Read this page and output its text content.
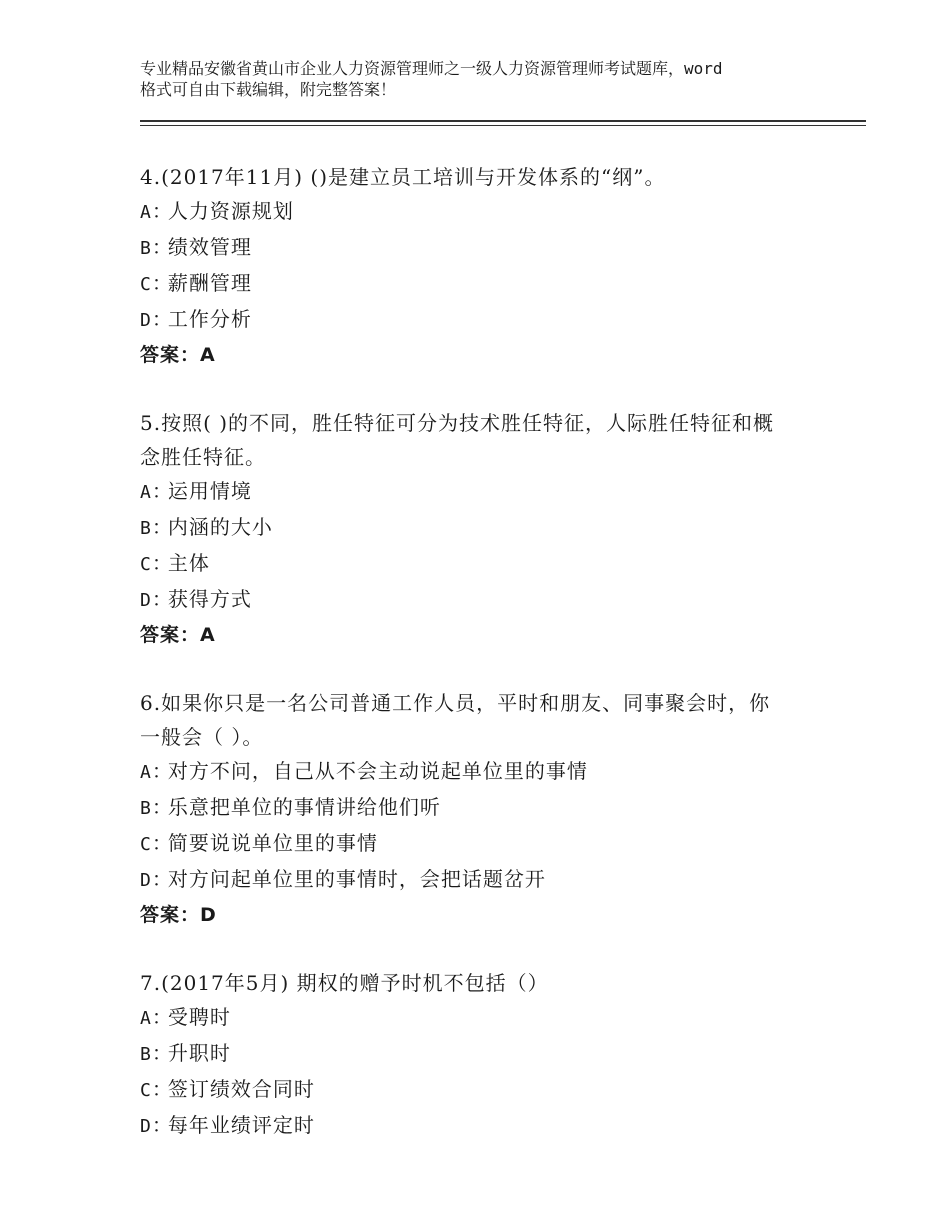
专业精品安徽省黄山市企业人力资源管理师之一级人力资源管理师考试题库，word
格式可自由下载编辑，附完整答案！
4.(2017年11月) ()是建立员工培训与开发体系的“纲”。
A：人力资源规划
B：绩效管理
C：薪酬管理
D：工作分析
答案：A
5.按照( )的不同，胜任特征可分为技术胜任特征，人际胜任特征和概
念胜任特征。
A：运用情境
B：内涵的大小
C：主体
D：获得方式
答案：A
6.如果你只是一名公司普通工作人员，平时和朋友、同事聚会时，你
一般会（ ）。
A：对方不问，自己从不会主动说起单位里的事情
B：乐意把单位的事情讲给他们听
C：简要说说单位里的事情
D：对方问起单位里的事情时，会把话题岔开
答案：D
7.(2017年5月) 期权的赠予时机不包括（）
A：受聘时
B：升职时
C：签订绩效合同时
D：每年业绩评定时
